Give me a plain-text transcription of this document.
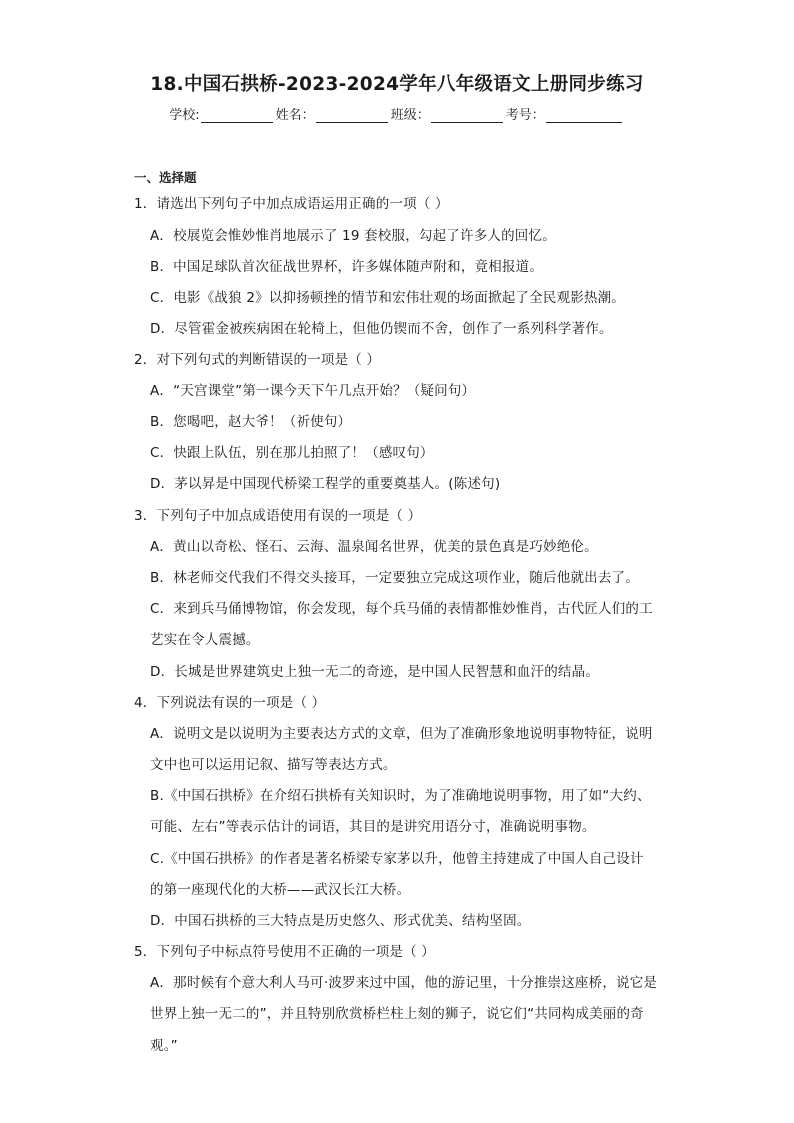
18.中国石拱桥-2023-2024学年八年级语文上册同步练习
学校:	姓名：	班级：	考号：
一、选择题
1．请选出下列句子中加点成语运用正确的一项（ ）
A．校展览会惟妙惟肖地展示了 19 套校服，勾起了许多人的回忆。
B．中国足球队首次征战世界杯，许多媒体随声附和，竟相报道。
C．电影《战狼 2》以抑扬顿挫的情节和宏伟壮观的场面掀起了全民观影热潮。
D．尽管霍金被疾病困在轮椅上，但他仍锲而不舍，创作了一系列科学著作。
2．对下列句式的判断错误的一项是（ ）
A．“天宫课堂”第一课今天下午几点开始？（疑问句）
B．您喝吧，赵大爷！（祈使句）
C．快跟上队伍，别在那儿拍照了！（感叹句）
D．茅以昇是中国现代桥梁工程学的重要奠基人。(陈述句)
3．下列句子中加点成语使用有误的一项是（ ）
A．黄山以奇松、怪石、云海、温泉闻名世界，优美的景色真是巧妙绝伦。
B．林老师交代我们不得交头接耳，一定要独立完成这项作业，随后他就出去了。
C．来到兵马俑博物馆，你会发现，每个兵马俑的表情都惟妙惟肖，古代匠人们的工
艺实在令人震撼。
D．长城是世界建筑史上独一无二的奇迹，是中国人民智慧和血汗的结晶。
4．下列说法有误的一项是（ ）
A．说明文是以说明为主要表达方式的文章，但为了准确形象地说明事物特征，说明
文中也可以运用记叙、描写等表达方式。
B.《中国石拱桥》在介绍石拱桥有关知识时，为了准确地说明事物，用了如“大约、
可能、左右”等表示估计的词语，其目的是讲究用语分寸，准确说明事物。
C.《中国石拱桥》的作者是著名桥梁专家茅以升，他曾主持建成了中国人自己设计
的第一座现代化的大桥——武汉长江大桥。
D．中国石拱桥的三大特点是历史悠久、形式优美、结构坚固。
5．下列句子中标点符号使用不正确的一项是（ ）
A．那时候有个意大利人马可·波罗来过中国，他的游记里，十分推崇这座桥，说它是
世界上独一无二的”，并且特别欣赏桥栏柱上刻的狮子，说它们“共同构成美丽的奇
观。”
